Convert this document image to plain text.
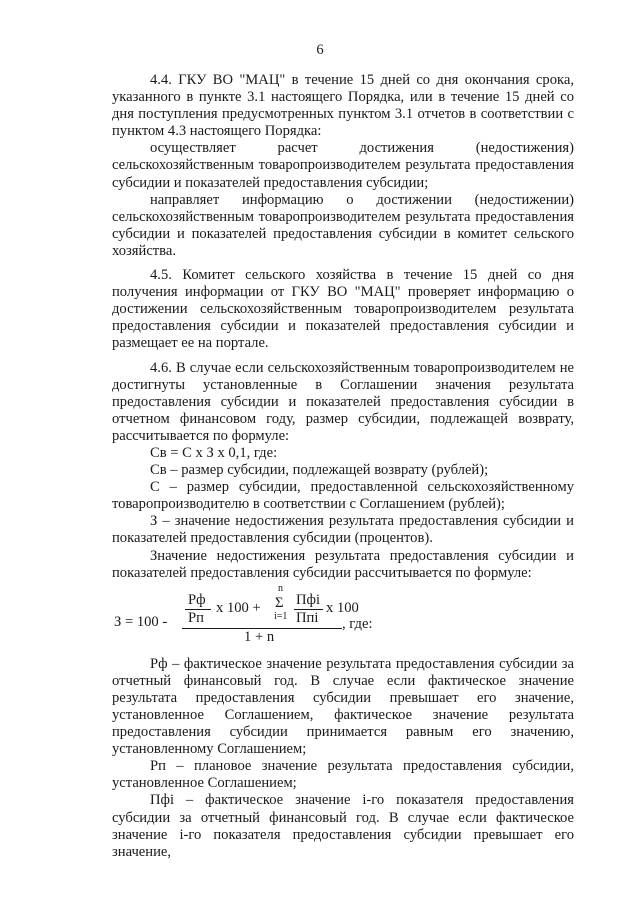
6

4.4. ГКУ ВО "МАЦ" в течение 15 дней со дня окончания срока, указанного в пункте 3.1 настоящего Порядка, или в течение 15 дней со дня поступления предусмотренных пунктом 3.1 отчетов в соответствии с пунктом 4.3 настоящего Порядка:

осуществляет расчет достижения (недостижения) сельскохозяйственным товаропроизводителем результата предоставления субсидии и показателей предоставления субсидии;

направляет информацию о достижении (недостижении) сельскохозяйственным товаропроизводителем результата предоставления субсидии и показателей предоставления субсидии в комитет сельского хозяйства.

4.5. Комитет сельского хозяйства в течение 15 дней со дня получения информации от ГКУ ВО "МАЦ" проверяет информацию о достижении сельскохозяйственным товаропроизводителем результата предоставления субсидии и показателей предоставления субсидии и размещает ее на портале.

4.6. В случае если сельскохозяйственным товаропроизводителем не достигнуты установленные в Соглашении значения результата предоставления субсидии и показателей предоставления субсидии в отчетном финансовом году, размер субсидии, подлежащей возврату, рассчитывается по формуле:

Св = С х З х 0,1, где:

Св – размер субсидии, подлежащей возврату (рублей);

С – размер субсидии, предоставленной сельскохозяйственному товаропроизводителю в соответствии с Соглашением (рублей);

З – значение недостижения результата предоставления субсидии и показателей предоставления субсидии (процентов).

Значение недостижения результата предоставления субсидии и показателей предоставления субсидии рассчитывается по формуле:

З = 100 -
Рф
Рп
х 100 +
n
Σ
i=1
Пфi
Ппi
х 100
1 + n
, где:

Рф – фактическое значение результата предоставления субсидии за отчетный финансовый год. В случае если фактическое значение результата предоставления субсидии превышает его значение, установленное Соглашением, фактическое значение результата предоставления субсидии принимается равным его значению, установленному Соглашением;

Рп – плановое значение результата предоставления субсидии, установленное Соглашением;

Пфi – фактическое значение i-го показателя предоставления субсидии за отчетный финансовый год. В случае если фактическое значение i-го показателя предоставления субсидии превышает его значение,
